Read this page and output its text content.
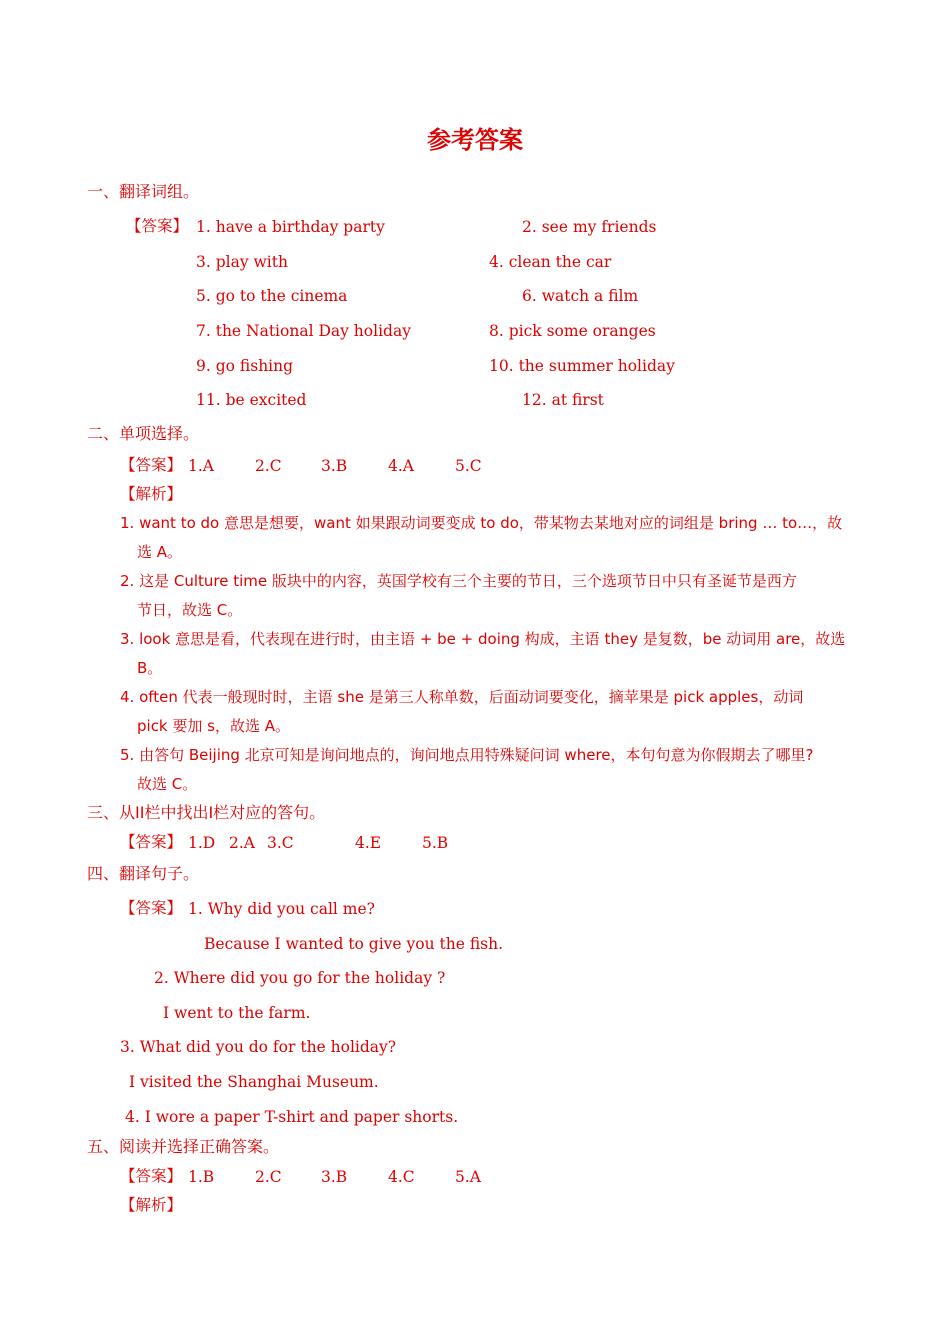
参考答案
一、翻译词组。
【答案】 1. have a birthday party	2. see my friends
3. play with	4. clean the car
5. go to the cinema	6. watch a film
7. the National Day holiday	8. pick some oranges
9. go fishing	10. the summer holiday
11. be excited	12. at first
二、单项选择。
【答案】 1.A	2.C	3.B	4.A	5.C
【解析】
1. want to do 意思是想要，want 如果跟动词要变成 to do，带某物去某地对应的词组是 bring … to…，故
选 A。
2. 这是 Culture time 版块中的内容，英国学校有三个主要的节日，三个选项节日中只有圣诞节是西方
节日，故选 C。
3. look 意思是看，代表现在进行时，由主语 + be + doing 构成，主语 they 是复数，be 动词用 are，故选
B。
4. often 代表一般现时时，主语 she 是第三人称单数，后面动词要变化，摘苹果是 pick apples，动词
pick 要加 s，故选 A。
5. 由答句 Beijing 北京可知是询问地点的，询问地点用特殊疑问词 where，本句句意为你假期去了哪里?
故选 C。
三、从II栏中找出I栏对应的答句。
【答案】 1.D 2.A 3.C	4.E	5.B
四、翻译句子。
【答案】 1. Why did you call me?
Because I wanted to give you the fish.
2. Where did you go for the holiday ?
I went to the farm.
3. What did you do for the holiday?
I visited the Shanghai Museum.
4. I wore a paper T-shirt and paper shorts.
五、阅读并选择正确答案。
【答案】 1.B	2.C	3.B	4.C	5.A
【解析】
